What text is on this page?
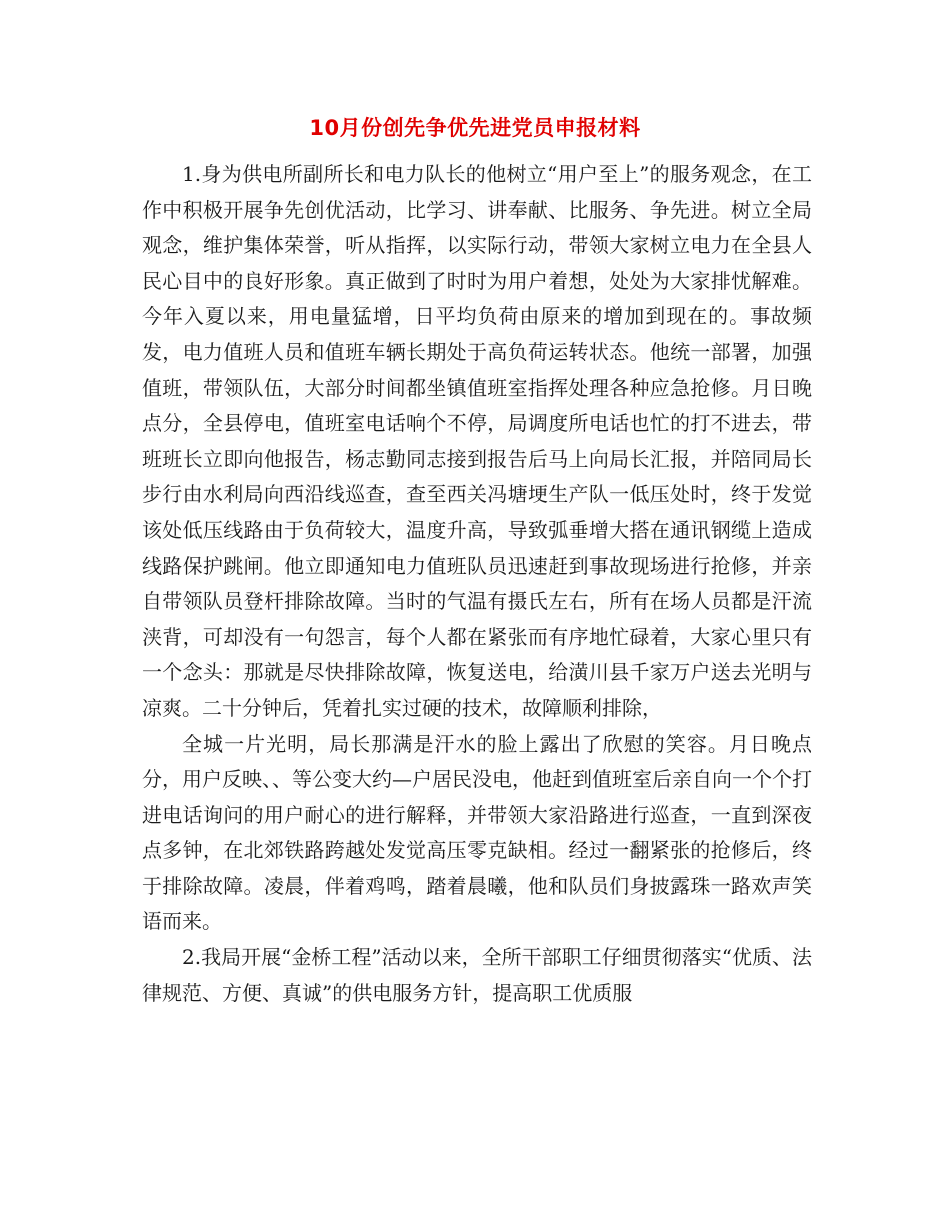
10月份创先争优先进党员申报材料

1.身为供电所副所长和电力队长的他树立“用户至上”的服务观念，在工作中积极开展争先创优活动，比学习、讲奉献、比服务、争先进。树立全局观念，维护集体荣誉，听从指挥，以实际行动，带领大家树立电力在全县人民心目中的良好形象。真正做到了时时为用户着想，处处为大家排忧解难。今年入夏以来，用电量猛增，日平均负荷由原来的增加到现在的。事故频发，电力值班人员和值班车辆长期处于高负荷运转状态。他统一部署，加强值班，带领队伍，大部分时间都坐镇值班室指挥处理各种应急抢修。月日晚点分，全县停电，值班室电话响个不停，局调度所电话也忙的打不进去，带班班长立即向他报告，杨志勤同志接到报告后马上向局长汇报，并陪同局长步行由水利局向西沿线巡查，查至西关冯塘埂生产队一低压处时，终于发觉该处低压线路由于负荷较大，温度升高，导致弧垂增大搭在通讯钢缆上造成线路保护跳闸。他立即通知电力值班队员迅速赶到事故现场进行抢修，并亲自带领队员登杆排除故障。当时的气温有摄氏左右，所有在场人员都是汗流浃背，可却没有一句怨言，每个人都在紧张而有序地忙碌着，大家心里只有一个念头：那就是尽快排除故障，恢复送电，给潢川县千家万户送去光明与凉爽。二十分钟后，凭着扎实过硬的技术，故障顺利排除，

全城一片光明，局长那满是汗水的脸上露出了欣慰的笑容。月日晚点分，用户反映、、等公变大约—户居民没电，他赶到值班室后亲自向一个个打进电话询问的用户耐心的进行解释，并带领大家沿路进行巡查，一直到深夜点多钟，在北郊铁路跨越处发觉高压零克缺相。经过一翻紧张的抢修后，终于排除故障。凌晨，伴着鸡鸣，踏着晨曦，他和队员们身披露珠一路欢声笑语而来。

2.我局开展“金桥工程”活动以来，全所干部职工仔细贯彻落实“优质、法律规范、方便、真诚”的供电服务方针，提高职工优质服
